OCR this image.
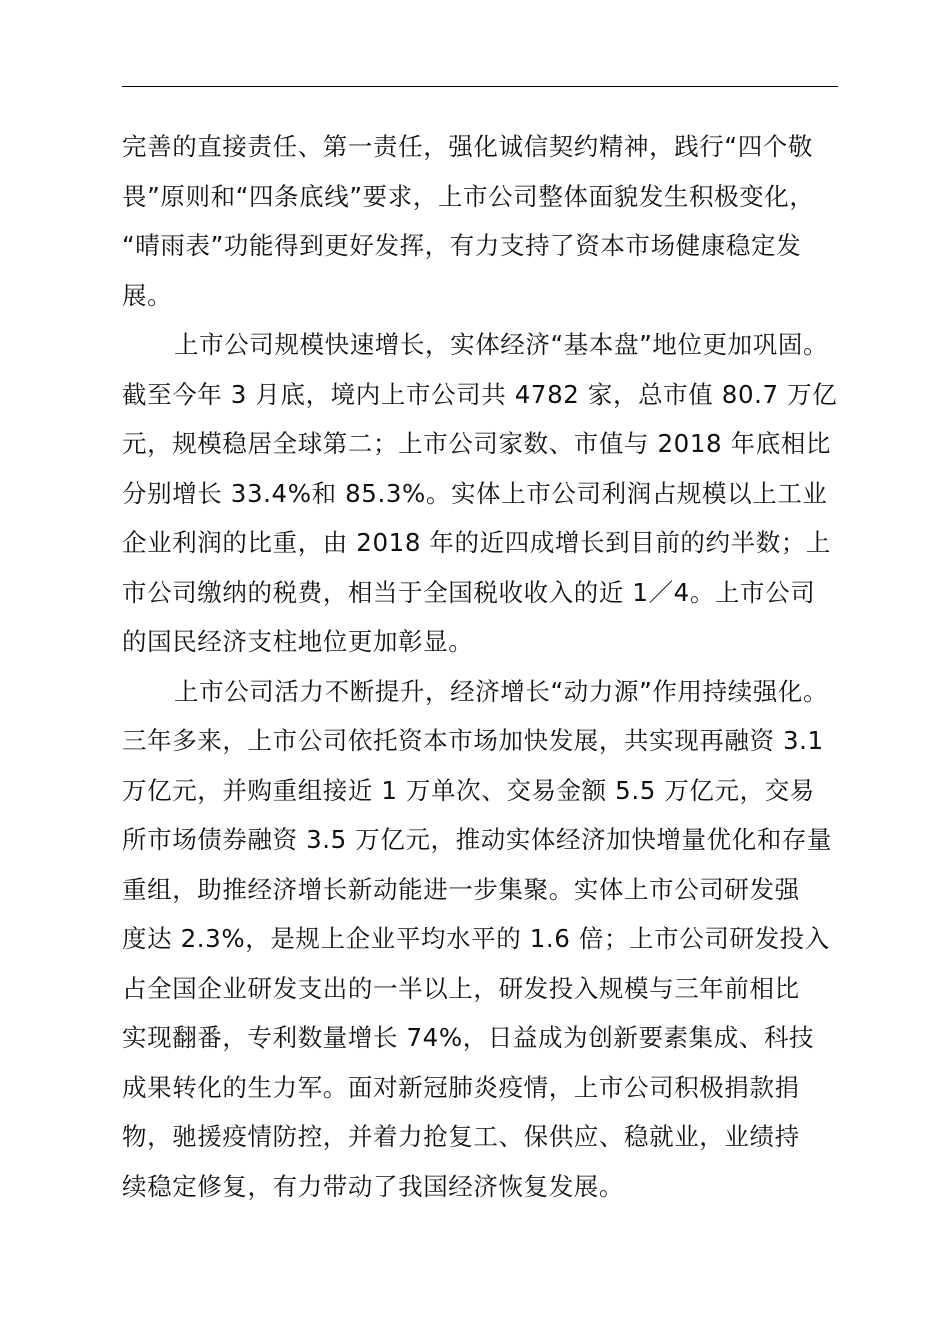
完善的直接责任、第一责任，强化诚信契约精神，践行“四个敬
畏”原则和“四条底线”要求，上市公司整体面貌发生积极变化，
“晴雨表”功能得到更好发挥，有力支持了资本市场健康稳定发
展。
上市公司规模快速增长，实体经济“基本盘”地位更加巩固。
截至今年 3 月底，境内上市公司共 4782 家，总市值 80.7 万亿
元，规模稳居全球第二；上市公司家数、市值与 2018 年底相比
分别增长 33.4%和 85.3%。实体上市公司利润占规模以上工业
企业利润的比重，由 2018 年的近四成增长到目前的约半数；上
市公司缴纳的税费，相当于全国税收收入的近 1／4。上市公司
的国民经济支柱地位更加彰显。
上市公司活力不断提升，经济增长“动力源”作用持续强化。
三年多来，上市公司依托资本市场加快发展，共实现再融资 3.1
万亿元，并购重组接近 1 万单次、交易金额 5.5 万亿元，交易
所市场债券融资 3.5 万亿元，推动实体经济加快增量优化和存量
重组，助推经济增长新动能进一步集聚。实体上市公司研发强
度达 2.3%，是规上企业平均水平的 1.6 倍；上市公司研发投入
占全国企业研发支出的一半以上，研发投入规模与三年前相比
实现翻番，专利数量增长 74%，日益成为创新要素集成、科技
成果转化的生力军。面对新冠肺炎疫情，上市公司积极捐款捐
物，驰援疫情防控，并着力抢复工、保供应、稳就业，业绩持
续稳定修复，有力带动了我国经济恢复发展。
